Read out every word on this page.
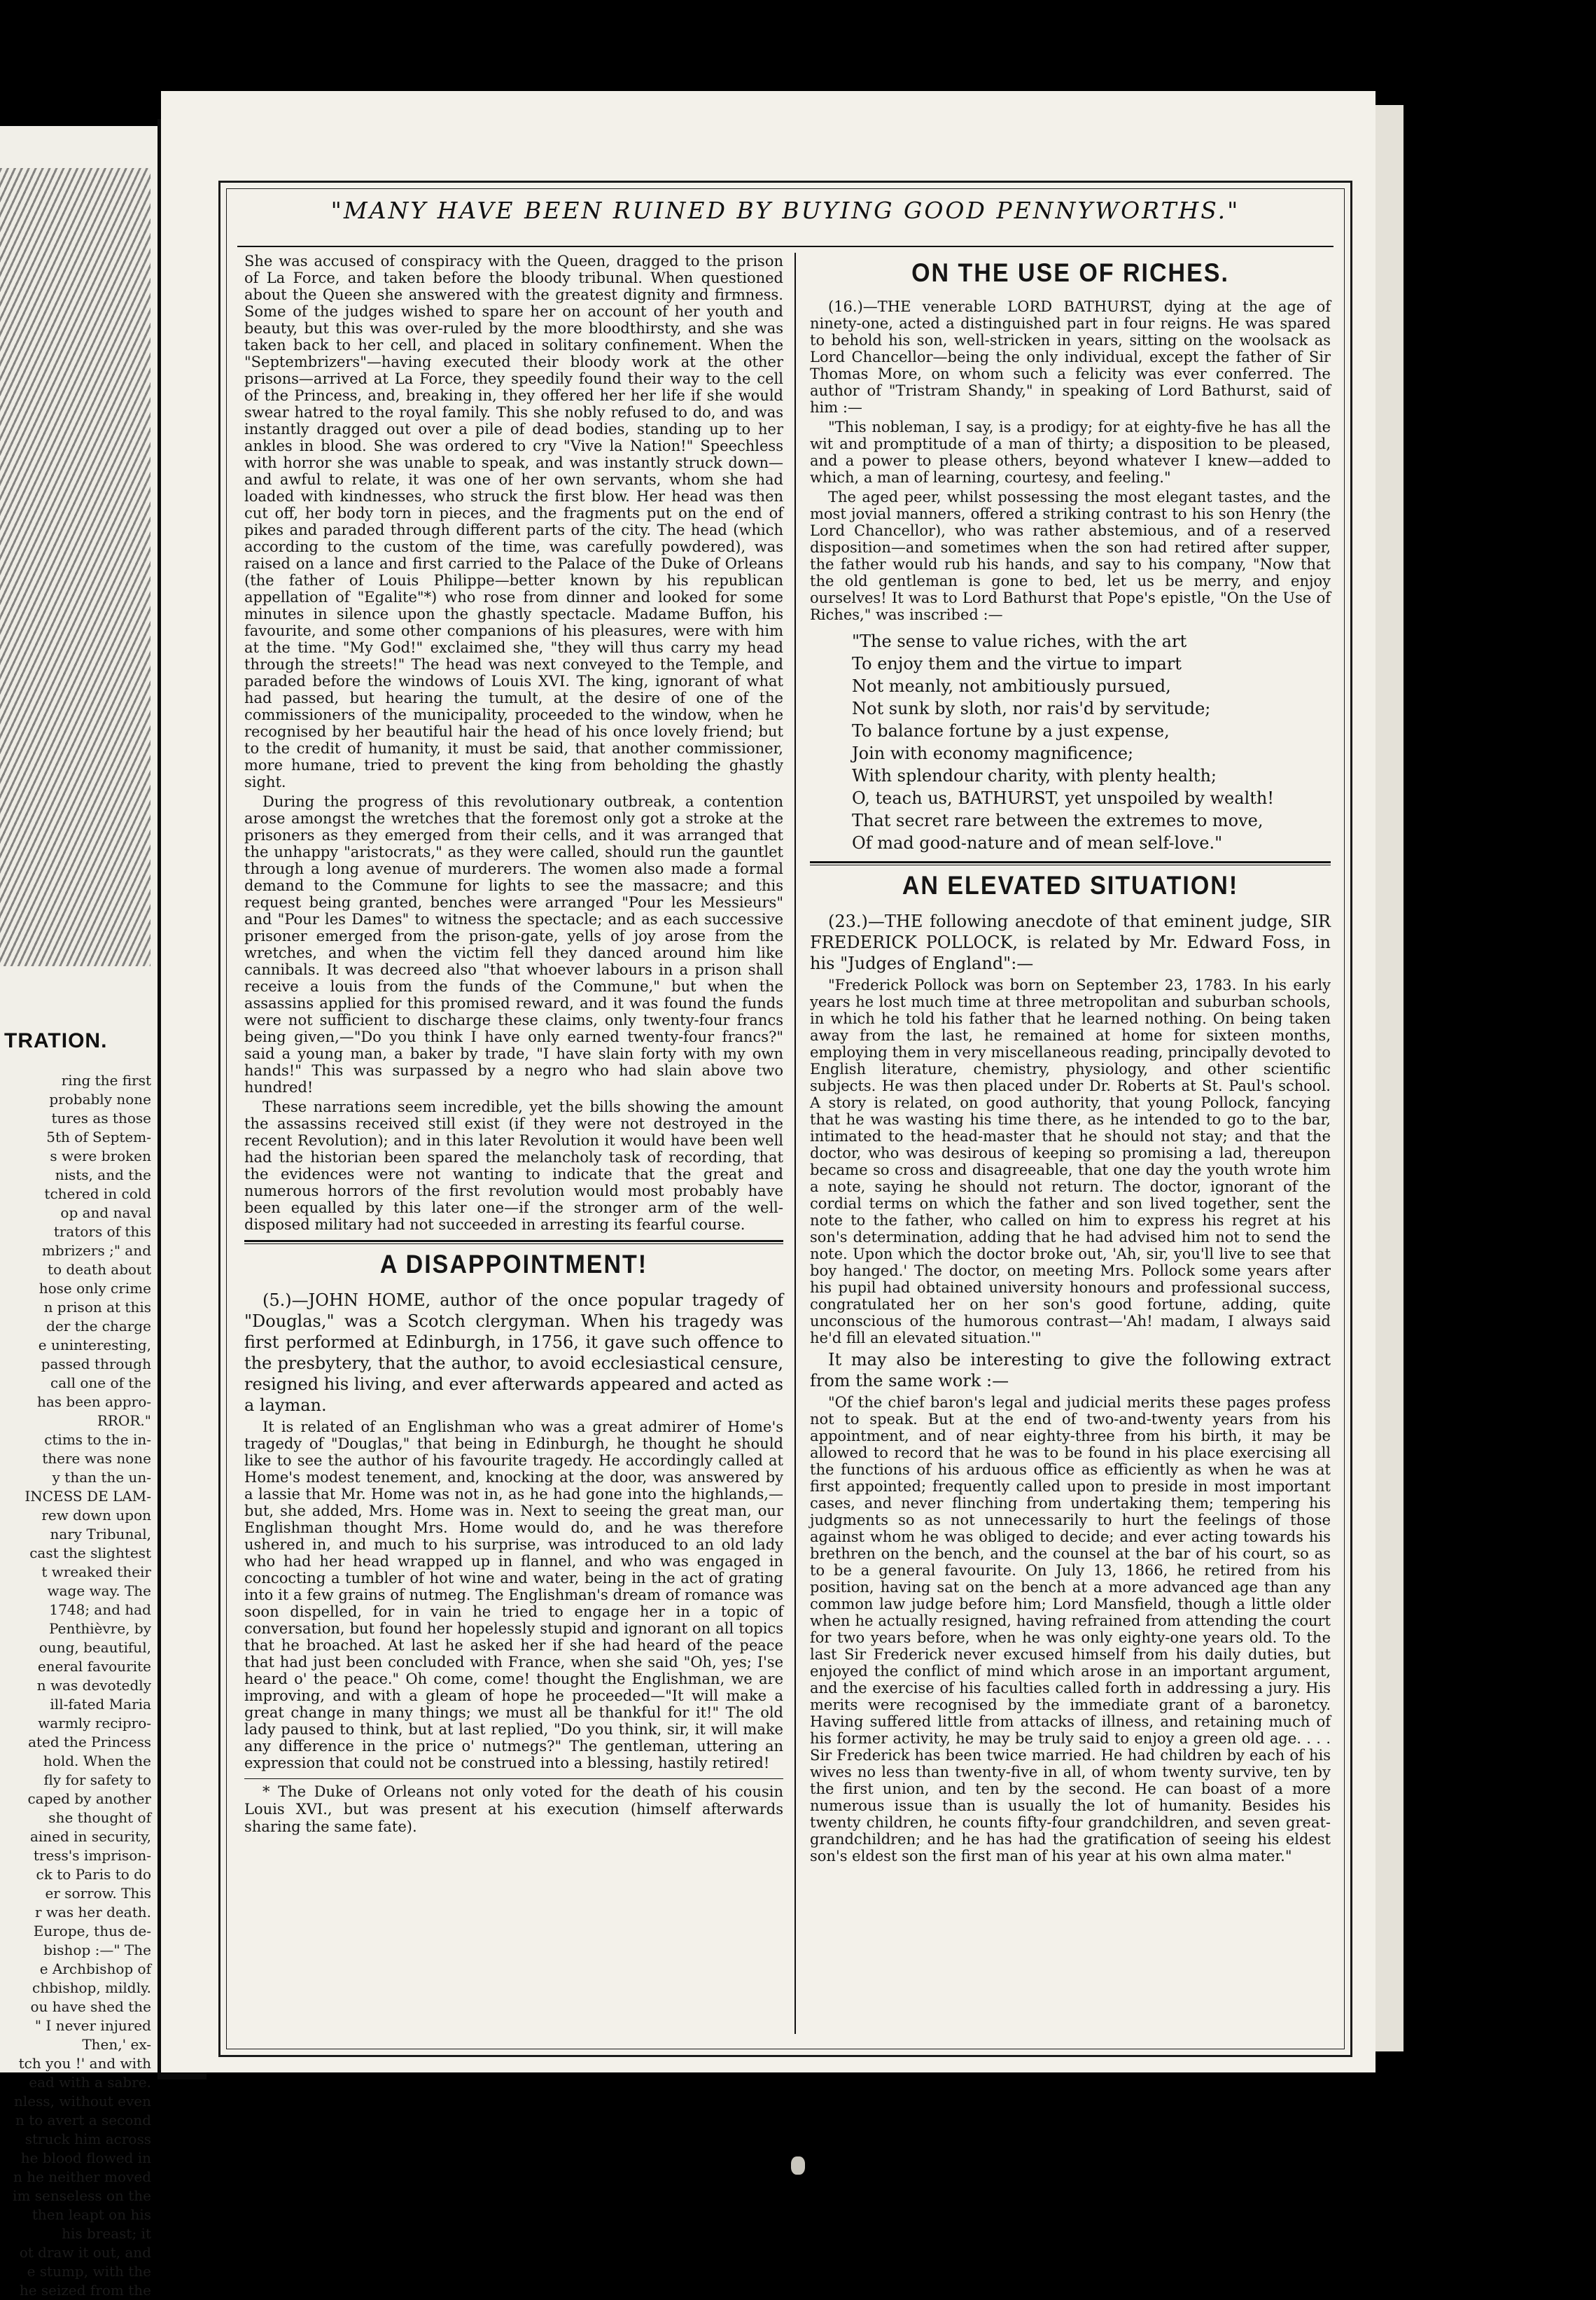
TRATION.
ring the first
probably none
tures as those
5th of Septem-
s were broken
nists, and the
tchered in cold
op and naval
trators of this
mbrizers ;" and
to death about
hose only crime
n prison at this
der the charge
e uninteresting,
passed through
call one of the
has been appro-
RROR."
ctims to the in-
there was none
y than the un-
INCESS DE LAM-
rew down upon
nary Tribunal,
cast the slightest
t wreaked their
wage way. The
1748; and had
Penthièvre, by
oung, beautiful,
eneral favourite
n was devotedly
ill-fated Maria
warmly recipro-
ated the Princess
hold. When the
fly for safety to
caped by another
she thought of
ained in security,
tress's imprison-
ck to Paris to do
er sorrow. This
r was her death.
Europe, thus de-
bishop :—" The
e Archbishop of
chbishop, mildly.
ou have shed the
" I never injured
Then,' ex-
tch you !' and with
ead with a sabre.
nless, without even
n to avert a second
struck him across
he blood flowed in
n he neither moved
im senseless on the
then leapt on his
his breast; it
ot draw it out, and
e stump, with the
he seized from the
"MANY HAVE BEEN RUINED BY BUYING GOOD PENNYWORTHS."

She was accused of conspiracy with the Queen, dragged to the prison of La Force, and taken before the bloody tribunal. When questioned about the Queen she answered with the greatest dignity and firmness. Some of the judges wished to spare her on account of her youth and beauty, but this was over-ruled by the more bloodthirsty, and she was taken back to her cell, and placed in solitary confinement. When the "Septembrizers"—having executed their bloody work at the other prisons—arrived at La Force, they speedily found their way to the cell of the Princess, and, breaking in, they offered her her life if she would swear hatred to the royal family. This she nobly refused to do, and was instantly dragged out over a pile of dead bodies, standing up to her ankles in blood. She was ordered to cry "Vive la Nation!" Speechless with horror she was unable to speak, and was instantly struck down—and awful to relate, it was one of her own servants, whom she had loaded with kindnesses, who struck the first blow. Her head was then cut off, her body torn in pieces, and the fragments put on the end of pikes and paraded through different parts of the city. The head (which according to the custom of the time, was carefully powdered), was raised on a lance and first carried to the Palace of the Duke of Orleans (the father of Louis Philippe—better known by his republican appellation of "Egalite"*) who rose from dinner and looked for some minutes in silence upon the ghastly spectacle. Madame Buffon, his favourite, and some other companions of his pleasures, were with him at the time. "My God!" exclaimed she, "they will thus carry my head through the streets!" The head was next conveyed to the Temple, and paraded before the windows of Louis XVI. The king, ignorant of what had passed, but hearing the tumult, at the desire of one of the commissioners of the municipality, proceeded to the window, when he recognised by her beautiful hair the head of his once lovely friend; but to the credit of humanity, it must be said, that another commissioner, more humane, tried to prevent the king from beholding the ghastly sight.

During the progress of this revolutionary outbreak, a contention arose amongst the wretches that the foremost only got a stroke at the prisoners as they emerged from their cells, and it was arranged that the unhappy "aristocrats," as they were called, should run the gauntlet through a long avenue of murderers. The women also made a formal demand to the Commune for lights to see the massacre; and this request being granted, benches were arranged "Pour les Messieurs" and "Pour les Dames" to witness the spectacle; and as each successive prisoner emerged from the prison-gate, yells of joy arose from the wretches, and when the victim fell they danced around him like cannibals. It was decreed also "that whoever labours in a prison shall receive a louis from the funds of the Commune," but when the assassins applied for this promised reward, and it was found the funds were not sufficient to discharge these claims, only twenty-four francs being given,—"Do you think I have only earned twenty-four francs?" said a young man, a baker by trade, "I have slain forty with my own hands!" This was surpassed by a negro who had slain above two hundred!

These narrations seem incredible, yet the bills showing the amount the assassins received still exist (if they were not destroyed in the recent Revolution); and in this later Revolution it would have been well had the historian been spared the melancholy task of recording, that the evidences were not wanting to indicate that the great and numerous horrors of the first revolution would most probably have been equalled by this later one—if the stronger arm of the well-disposed military had not succeeded in arresting its fearful course.

A DISAPPOINTMENT!

(5.)—JOHN HOME, author of the once popular tragedy of "Douglas," was a Scotch clergyman. When his tragedy was first performed at Edinburgh, in 1756, it gave such offence to the presbytery, that the author, to avoid ecclesiastical censure, resigned his living, and ever afterwards appeared and acted as a layman.

It is related of an Englishman who was a great admirer of Home's tragedy of "Douglas," that being in Edinburgh, he thought he should like to see the author of his favourite tragedy. He accordingly called at Home's modest tenement, and, knocking at the door, was answered by a lassie that Mr. Home was not in, as he had gone into the highlands,—but, she added, Mrs. Home was in. Next to seeing the great man, our Englishman thought Mrs. Home would do, and he was therefore ushered in, and much to his surprise, was introduced to an old lady who had her head wrapped up in flannel, and who was engaged in concocting a tumbler of hot wine and water, being in the act of grating into it a few grains of nutmeg. The Englishman's dream of romance was soon dispelled, for in vain he tried to engage her in a topic of conversation, but found her hopelessly stupid and ignorant on all topics that he broached. At last he asked her if she had heard of the peace that had just been concluded with France, when she said "Oh, yes; I'se heard o' the peace." Oh come, come! thought the Englishman, we are improving, and with a gleam of hope he proceeded—"It will make a great change in many things; we must all be thankful for it!" The old lady paused to think, but at last replied, "Do you think, sir, it will make any difference in the price o' nutmegs?" The gentleman, uttering an expression that could not be construed into a blessing, hastily retired!

* The Duke of Orleans not only voted for the death of his cousin Louis XVI., but was present at his execution (himself afterwards sharing the same fate).
ON THE USE OF RICHES.

(16.)—THE venerable LORD BATHURST, dying at the age of ninety-one, acted a distinguished part in four reigns. He was spared to behold his son, well-stricken in years, sitting on the woolsack as Lord Chancellor—being the only individual, except the father of Sir Thomas More, on whom such a felicity was ever conferred. The author of "Tristram Shandy," in speaking of Lord Bathurst, said of him :—

"This nobleman, I say, is a prodigy; for at eighty-five he has all the wit and promptitude of a man of thirty; a disposition to be pleased, and a power to please others, beyond whatever I knew—added to which, a man of learning, courtesy, and feeling."

The aged peer, whilst possessing the most elegant tastes, and the most jovial manners, offered a striking contrast to his son Henry (the Lord Chancellor), who was rather abstemious, and of a reserved disposition—and sometimes when the son had retired after supper, the father would rub his hands, and say to his company, "Now that the old gentleman is gone to bed, let us be merry, and enjoy ourselves! It was to Lord Bathurst that Pope's epistle, "On the Use of Riches," was inscribed :—

"The sense to value riches, with the art
To enjoy them and the virtue to impart
Not meanly, not ambitiously pursued,
Not sunk by sloth, nor rais'd by servitude;
To balance fortune by a just expense,
Join with economy magnificence;
With splendour charity, with plenty health;
O, teach us, BATHURST, yet unspoiled by wealth!
That secret rare between the extremes to move,
Of mad good-nature and of mean self-love."
AN ELEVATED SITUATION!

(23.)—THE following anecdote of that eminent judge, SIR FREDERICK POLLOCK, is related by Mr. Edward Foss, in his "Judges of England":—

"Frederick Pollock was born on September 23, 1783. In his early years he lost much time at three metropolitan and suburban schools, in which he told his father that he learned nothing. On being taken away from the last, he remained at home for sixteen months, employing them in very miscellaneous reading, principally devoted to English literature, chemistry, physiology, and other scientific subjects. He was then placed under Dr. Roberts at St. Paul's school. A story is related, on good authority, that young Pollock, fancying that he was wasting his time there, as he intended to go to the bar, intimated to the head-master that he should not stay; and that the doctor, who was desirous of keeping so promising a lad, thereupon became so cross and disagreeable, that one day the youth wrote him a note, saying he should not return. The doctor, ignorant of the cordial terms on which the father and son lived together, sent the note to the father, who called on him to express his regret at his son's determination, adding that he had advised him not to send the note. Upon which the doctor broke out, 'Ah, sir, you'll live to see that boy hanged.' The doctor, on meeting Mrs. Pollock some years after his pupil had obtained university honours and professional success, congratulated her on her son's good fortune, adding, quite unconscious of the humorous contrast—'Ah! madam, I always said he'd fill an elevated situation.'"

It may also be interesting to give the following extract from the same work :—

"Of the chief baron's legal and judicial merits these pages profess not to speak. But at the end of two-and-twenty years from his appointment, and of near eighty-three from his birth, it may be allowed to record that he was to be found in his place exercising all the functions of his arduous office as efficiently as when he was at first appointed; frequently called upon to preside in most important cases, and never flinching from undertaking them; tempering his judgments so as not unnecessarily to hurt the feelings of those against whom he was obliged to decide; and ever acting towards his brethren on the bench, and the counsel at the bar of his court, so as to be a general favourite. On July 13, 1866, he retired from his position, having sat on the bench at a more advanced age than any common law judge before him; Lord Mansfield, though a little older when he actually resigned, having refrained from attending the court for two years before, when he was only eighty-one years old. To the last Sir Frederick never excused himself from his daily duties, but enjoyed the conflict of mind which arose in an important argument, and the exercise of his faculties called forth in addressing a jury. His merits were recognised by the immediate grant of a baronetcy. Having suffered little from attacks of illness, and retaining much of his former activity, he may be truly said to enjoy a green old age. . . . Sir Frederick has been twice married. He had children by each of his wives no less than twenty-five in all, of whom twenty survive, ten by the first union, and ten by the second. He can boast of a more numerous issue than is usually the lot of humanity. Besides his twenty children, he counts fifty-four grandchildren, and seven great-grandchildren; and he has had the gratification of seeing his eldest son's eldest son the first man of his year at his own alma mater."
